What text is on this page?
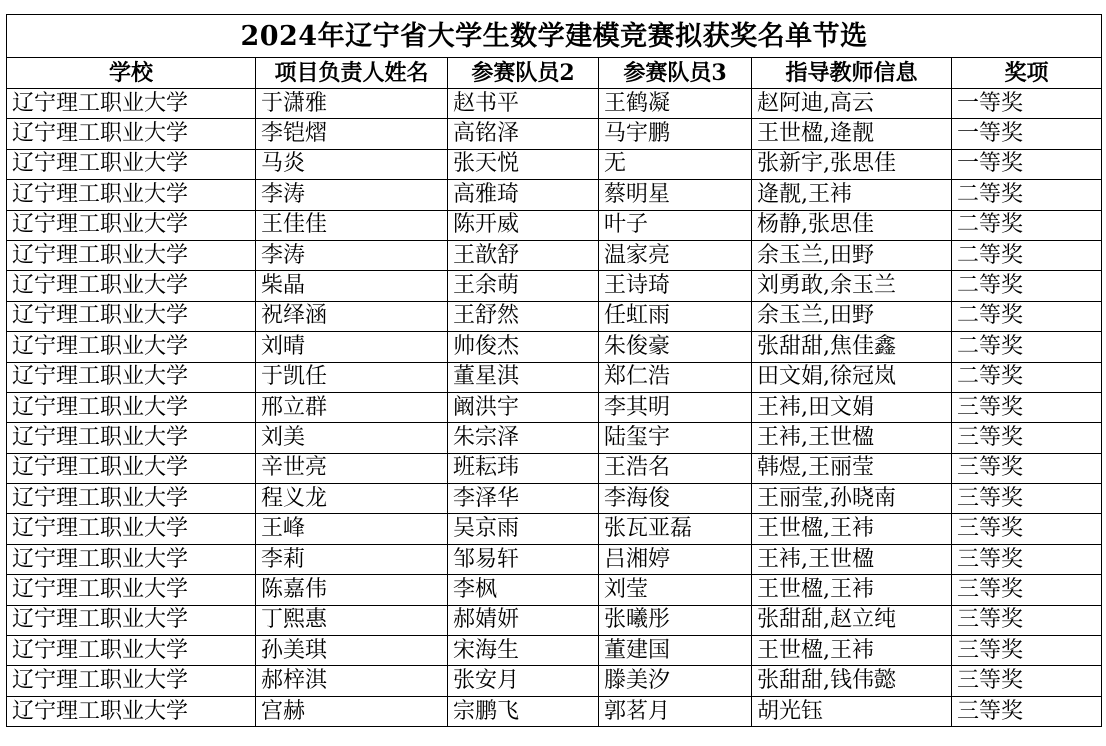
2024年辽宁省大学生数学建模竞赛拟获奖名单节选					
学校	项目负责人姓名	参赛队员2	参赛队员3	指导教师信息	奖项
辽宁理工职业大学	于潇雅	赵书平	王鹤凝	赵阿迪,高云	一等奖
辽宁理工职业大学	李铠熠	高铭泽	马宇鹏	王世楹,逄靓	一等奖
辽宁理工职业大学	马炎	张天悦	无	张新宇,张思佳	一等奖
辽宁理工职业大学	李涛	高雅琦	蔡明星	逄靓,王袆	二等奖
辽宁理工职业大学	王佳佳	陈开威	叶子	杨静,张思佳	二等奖
辽宁理工职业大学	李涛	王歆舒	温家亮	余玉兰,田野	二等奖
辽宁理工职业大学	柴晶	王余萌	王诗琦	刘勇敢,余玉兰	二等奖
辽宁理工职业大学	祝绎涵	王舒然	任虹雨	余玉兰,田野	二等奖
辽宁理工职业大学	刘晴	帅俊杰	朱俊豪	张甜甜,焦佳鑫	二等奖
辽宁理工职业大学	于凯任	董星淇	郑仁浩	田文娟,徐冠岚	二等奖
辽宁理工职业大学	邢立群	阚洪宇	李其明	王袆,田文娟	三等奖
辽宁理工职业大学	刘美	朱宗泽	陆玺宇	王袆,王世楹	三等奖
辽宁理工职业大学	辛世亮	班耘玮	王浩名	韩煜,王丽莹	三等奖
辽宁理工职业大学	程义龙	李泽华	李海俊	王丽莹,孙晓南	三等奖
辽宁理工职业大学	王峰	吴京雨	张瓦亚磊	王世楹,王袆	三等奖
辽宁理工职业大学	李莉	邹易轩	吕湘婷	王袆,王世楹	三等奖
辽宁理工职业大学	陈嘉伟	李枫	刘莹	王世楹,王袆	三等奖
辽宁理工职业大学	丁熙惠	郝婧妍	张曦彤	张甜甜,赵立纯	三等奖
辽宁理工职业大学	孙美琪	宋海生	董建国	王世楹,王袆	三等奖
辽宁理工职业大学	郝梓淇	张安月	滕美汐	张甜甜,钱伟懿	三等奖
辽宁理工职业大学	宫赫	宗鹏飞	郭茗月	胡光钰	三等奖
